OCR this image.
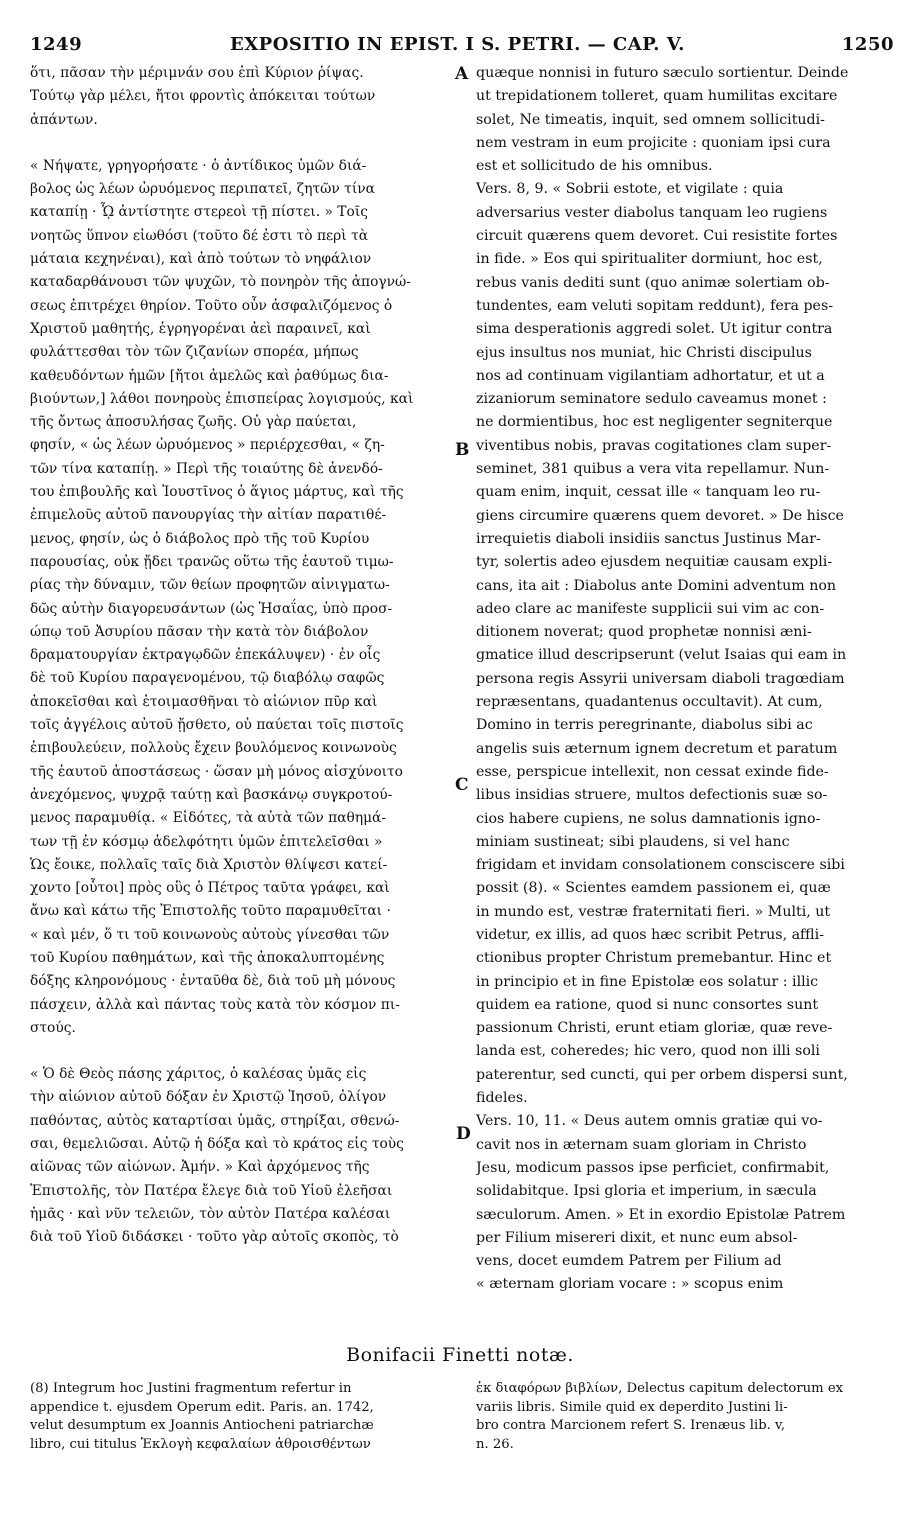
1249	EXPOSITIO IN EPIST. I S. PETRI. — CAP. V.	1250
ὅτι, πᾶσαν τὴν μέριμνάν σου ἐπὶ Κύριον ῥίψας.
Τούτῳ γὰρ μέλει, ἤτοι φροντὶς ἀπόκειται τούτων
ἁπάντων.
« Νήψατε, γρηγορήσατε · ὁ ἀντίδικος ὑμῶν διά-
βολος ὡς λέων ὠρυόμενος περιπατεῖ, ζητῶν τίνα
καταπίῃ · ᾯ ἀντίστητε στερεοὶ τῇ πίστει. » Τοῖς
νοητῶς ὕπνον εἰωθόσι (τοῦτο δέ ἐστι τὸ περὶ τὰ
μάταια κεχηνέναι), καὶ ἀπὸ τούτων τὸ νηφάλιον
καταδαρθάνουσι τῶν ψυχῶν, τὸ πονηρὸν τῆς ἀπογνώ-
σεως ἐπιτρέχει θηρίον. Τοῦτο οὖν ἀσφαλιζόμενος ὁ
Χριστοῦ μαθητής, ἐγρηγορέναι ἀεὶ παραινεῖ, καὶ
φυλάττεσθαι τὸν τῶν ζιζανίων σπορέα, μήπως
καθευδόντων ἡμῶν [ἤτοι ἀμελῶς καὶ ῥαθύμως δια-
βιούντων,] λάθοι πονηροὺς ἐπισπείρας λογισμούς, καὶ
τῆς ὄντως ἀποσυλήσας ζωῆς. Οὐ γὰρ παύεται,
φησίν, « ὡς λέων ὠρυόμενος » περιέρχεσθαι, « ζη-
τῶν τίνα καταπίῃ. » Περὶ τῆς τοιαύτης δὲ ἀνενδό-
του ἐπιβουλῆς καὶ Ἰουστῖνος ὁ ἅγιος μάρτυς, καὶ τῆς
ἐπιμελοῦς αὐτοῦ πανουργίας τὴν αἰτίαν παρατιθέ-
μενος, φησίν, ὡς ὁ διάβολος πρὸ τῆς τοῦ Κυρίου
παρουσίας, οὐκ ᾔδει τρανῶς οὕτω τῆς ἑαυτοῦ τιμω-
ρίας τὴν δύναμιν, τῶν θείων προφητῶν αἰνιγματω-
δῶς αὐτὴν διαγορευσάντων (ὡς Ἡσαΐας, ὑπὸ προσ-
ώπῳ τοῦ Ἀσυρίου πᾶσαν τὴν κατὰ τὸν διάβολον
δραματουργίαν ἐκτραγῳδῶν ἐπεκάλυψεν) · ἐν οἷς
δὲ τοῦ Κυρίου παραγενομένου, τῷ διαβόλῳ σαφῶς
ἀποκεῖσθαι καὶ ἑτοιμασθῆναι τὸ αἰώνιον πῦρ καὶ
τοῖς ἀγγέλοις αὐτοῦ ᾔσθετο, οὐ παύεται τοῖς πιστοῖς
ἐπιβουλεύειν, πολλοὺς ἔχειν βουλόμενος κοινωνοὺς
τῆς ἑαυτοῦ ἀποστάσεως · ὥσαν μὴ μόνος αἰσχύνοιτο
ἀνεχόμενος, ψυχρᾷ ταύτῃ καὶ βασκάνῳ συγκροτού-
μενος παραμυθίᾳ. « Εἰδότες, τὰ αὐτὰ τῶν παθημά-
των τῇ ἐν κόσμῳ ἀδελφότητι ὑμῶν ἐπιτελεῖσθαι »
Ὡς ἔοικε, πολλαῖς ταῖς διὰ Χριστὸν θλίψεσι κατεί-
χοντο [οὗτοι] πρὸς οὓς ὁ Πέτρος ταῦτα γράφει, καὶ
ἄνω καὶ κάτω τῆς Ἐπιστολῆς τοῦτο παραμυθεῖται ·
« καὶ μέν, ὅ τι τοῦ κοινωνοὺς αὐτοὺς γίνεσθαι τῶν
τοῦ Κυρίου παθημάτων, καὶ τῆς ἀποκαλυπτομένης
δόξης κληρονόμους · ἐνταῦθα δὲ, διὰ τοῦ μὴ μόνους
πάσχειν, ἀλλὰ καὶ πάντας τοὺς κατὰ τὸν κόσμον πι-
στούς.
« Ὁ δὲ Θεὸς πάσης χάριτος, ὁ καλέσας ὑμᾶς εἰς
τὴν αἰώνιον αὐτοῦ δόξαν ἐν Χριστῷ Ἰησοῦ, ὀλίγον
παθόντας, αὐτὸς καταρτίσαι ὑμᾶς, στηρίξαι, σθενώ-
σαι, θεμελιῶσαι. Αὐτῷ ἡ δόξα καὶ τὸ κράτος εἰς τοὺς
αἰῶνας τῶν αἰώνων. Ἀμήν. » Καὶ ἀρχόμενος τῆς
Ἐπιστολῆς, τὸν Πατέρα ἔλεγε διὰ τοῦ Υἱοῦ ἐλεῆσαι
ἡμᾶς · καὶ νῦν τελειῶν, τὸν αὐτὸν Πατέρα καλέσαι
διὰ τοῦ Υἱοῦ διδάσκει · τοῦτο γὰρ αὐτοῖς σκοπὸς, τὸ
quæque nonnisi in futuro sæculo sortientur. Deinde
ut trepidationem tolleret, quam humilitas excitare
solet, Ne timeatis, inquit, sed omnem sollicitudi-
nem vestram in eum projicite : quoniam ipsi cura
est et sollicitudo de his omnibus.
Vers. 8, 9. « Sobrii estote, et vigilate : quia
adversarius vester diabolus tanquam leo rugiens
circuit quærens quem devoret. Cui resistite fortes
in fide. » Eos qui spiritualiter dormiunt, hoc est,
rebus vanis dediti sunt (quo animæ solertiam ob-
tundentes, eam veluti sopitam reddunt), fera pes-
sima desperationis aggredi solet. Ut igitur contra
ejus insultus nos muniat, hic Christi discipulus
nos ad continuam vigilantiam adhortatur, et ut a
zizaniorum seminatore sedulo caveamus monet :
ne dormientibus, hoc est negligenter segniterque
viventibus nobis, pravas cogitationes clam super-
seminet, 381 quibus a vera vita repellamur. Nun-
quam enim, inquit, cessat ille « tanquam leo ru-
giens circumire quærens quem devoret. » De hisce
irrequietis diaboli insidiis sanctus Justinus Mar-
tyr, solertis adeo ejusdem nequitiæ causam expli-
cans, ita ait : Diabolus ante Domini adventum non
adeo clare ac manifeste supplicii sui vim ac con-
ditionem noverat; quod prophetæ nonnisi æni-
gmatice illud descripserunt (velut Isaias qui eam in
persona regis Assyrii universam diaboli tragœdiam
repræsentans, quadantenus occultavit). At cum,
Domino in terris peregrinante, diabolus sibi ac
angelis suis æternum ignem decretum et paratum
esse, perspicue intellexit, non cessat exinde fide-
libus insidias struere, multos defectionis suæ so-
cios habere cupiens, ne solus damnationis igno-
miniam sustineat; sibi plaudens, si vel hanc
frigidam et invidam consolationem consciscere sibi
possit (8). « Scientes eamdem passionem ei, quæ
in mundo est, vestræ fraternitati fieri. » Multi, ut
videtur, ex illis, ad quos hæc scribit Petrus, affli-
ctionibus propter Christum premebantur. Hinc et
in principio et in fine Epistolæ eos solatur : illic
quidem ea ratione, quod si nunc consortes sunt
passionum Christi, erunt etiam gloriæ, quæ reve-
landa est, coheredes; hic vero, quod non illi soli
paterentur, sed cuncti, qui per orbem dispersi sunt,
fideles.
Vers. 10, 11. « Deus autem omnis gratiæ qui vo-
cavit nos in æternam suam gloriam in Christo
Jesu, modicum passos ipse perficiet, confirmabit,
solidabitque. Ipsi gloria et imperium, in sæcula
sæculorum. Amen. » Et in exordio Epistolæ Patrem
per Filium misereri dixit, et nunc eum absol-
vens, docet eumdem Patrem per Filium ad
« æternam gloriam vocare : » scopus enim
A
B
C
D
Bonifacii Finetti notæ.
(8) Integrum hoc Justini fragmentum refertur in
appendice t. ejusdem Operum edit. Paris. an. 1742,
velut desumptum ex Joannis Antiocheni patriarchæ
libro, cui titulus Ἐκλογὴ κεφαλαίων ἀθροισθέντων
ἐκ διαφόρων βιβλίων, Delectus capitum delectorum ex
variis libris. Simile quid ex deperdito Justini li-
bro contra Marcionem refert S. Irenæus lib. v,
n. 26.
